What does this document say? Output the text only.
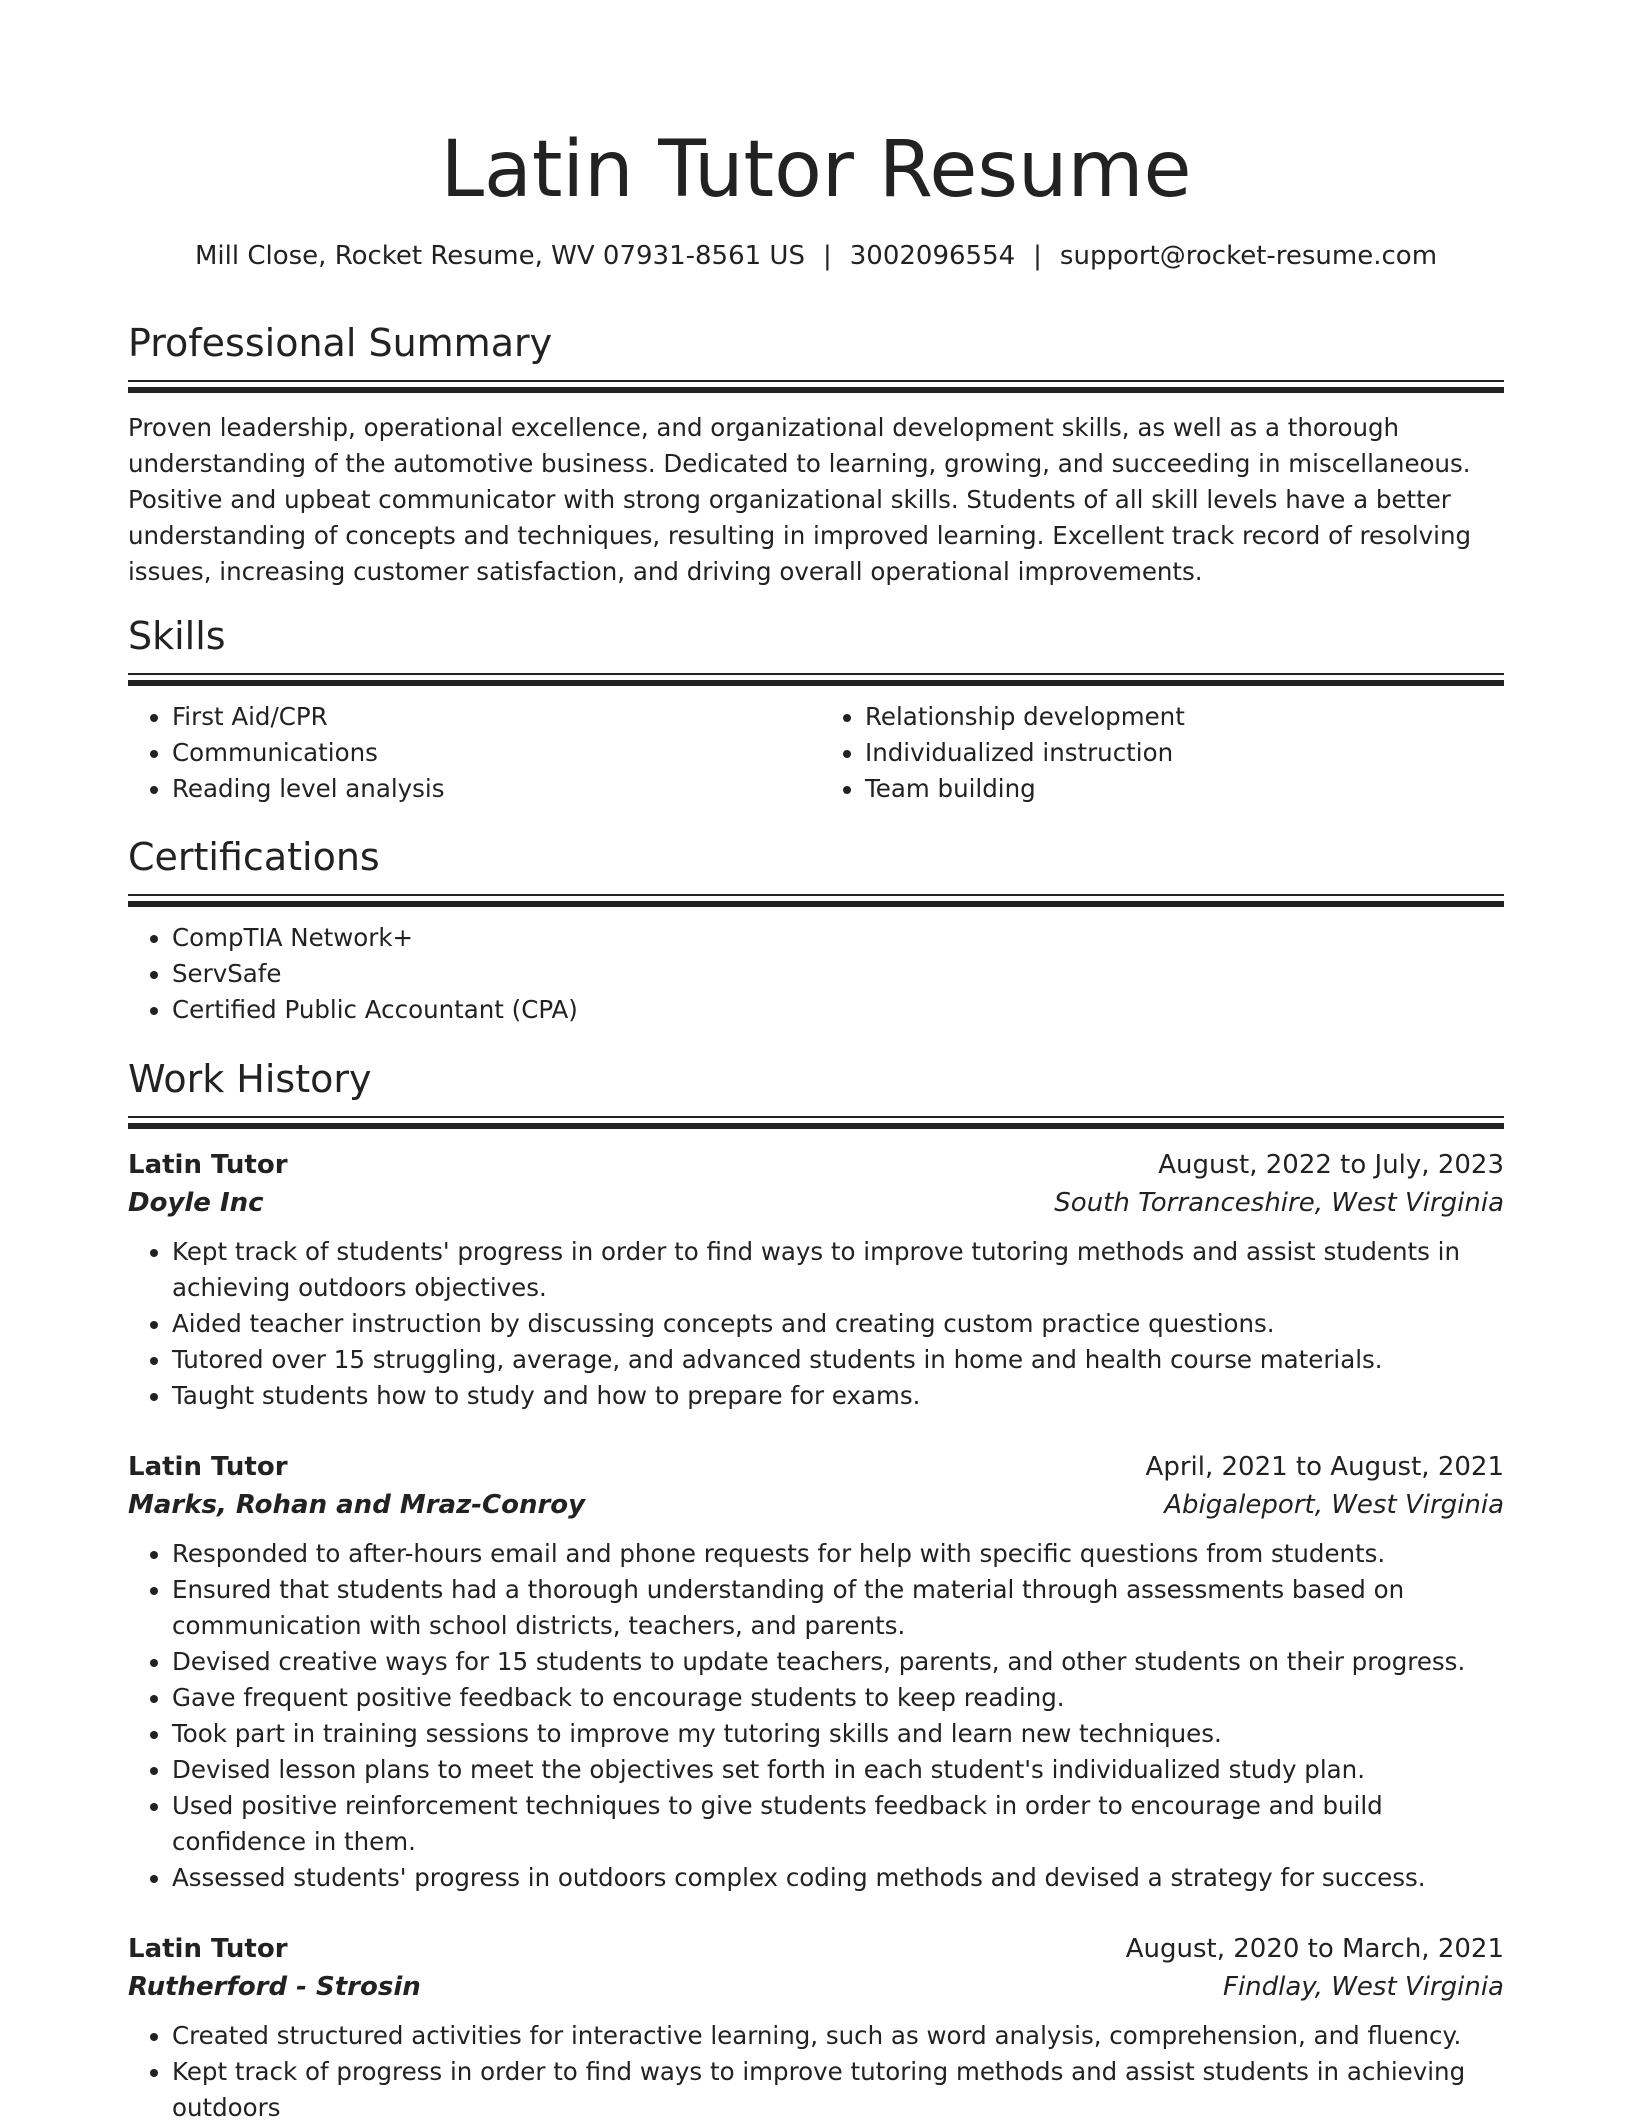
Latin Tutor Resume
Mill Close, Rocket Resume, WV 07931-8561 US | 3002096554 | support@rocket-resume.com
Professional Summary

Proven leadership, operational excellence, and organizational development skills, as well as a thorough understanding of the automotive business. Dedicated to learning, growing, and succeeding in miscellaneous. Positive and upbeat communicator with strong organizational skills. Students of all skill levels have a better understanding of concepts and techniques, resulting in improved learning. Excellent track record of resolving issues, increasing customer satisfaction, and driving overall operational improvements.

Skills
• First Aid/CPR
• Communications
• Reading level analysis
• Relationship development
• Individualized instruction
• Team building
Certifications
• CompTIA Network+
• ServSafe
• Certified Public Accountant (CPA)
Work History
Latin Tutor	August, 2022 to July, 2023
Doyle Inc	South Torranceshire, West Virginia
• Kept track of students' progress in order to find ways to improve tutoring methods and assist students in achieving outdoors objectives.
• Aided teacher instruction by discussing concepts and creating custom practice questions.
• Tutored over 15 struggling, average, and advanced students in home and health course materials.
• Taught students how to study and how to prepare for exams.
Latin Tutor	April, 2021 to August, 2021
Marks, Rohan and Mraz-Conroy	Abigaleport, West Virginia
• Responded to after-hours email and phone requests for help with specific questions from students.
• Ensured that students had a thorough understanding of the material through assessments based on communication with school districts, teachers, and parents.
• Devised creative ways for 15 students to update teachers, parents, and other students on their progress.
• Gave frequent positive feedback to encourage students to keep reading.
• Took part in training sessions to improve my tutoring skills and learn new techniques.
• Devised lesson plans to meet the objectives set forth in each student's individualized study plan.
• Used positive reinforcement techniques to give students feedback in order to encourage and build confidence in them.
• Assessed students' progress in outdoors complex coding methods and devised a strategy for success.
Latin Tutor	August, 2020 to March, 2021
Rutherford - Strosin	Findlay, West Virginia
• Created structured activities for interactive learning, such as word analysis, comprehension, and fluency.
• Kept track of progress in order to find ways to improve tutoring methods and assist students in achieving outdoors
